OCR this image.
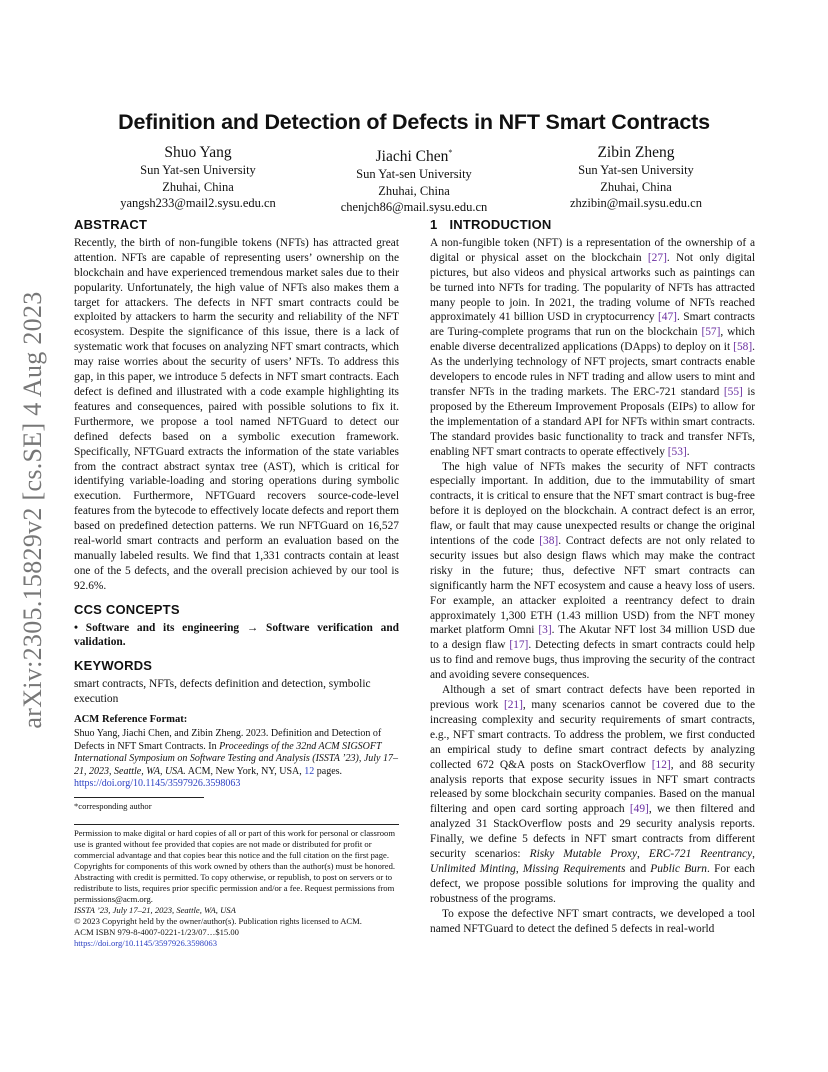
arXiv:2305.15829v2 [cs.SE] 4 Aug 2023
Definition and Detection of Defects in NFT Smart Contracts
Shuo Yang
Sun Yat-sen University
Zhuhai, China
yangsh233@mail2.sysu.edu.cn
Jiachi Chen*
Sun Yat-sen University
Zhuhai, China
chenjch86@mail.sysu.edu.cn
Zibin Zheng
Sun Yat-sen University
Zhuhai, China
zhzibin@mail.sysu.edu.cn
ABSTRACT

Recently, the birth of non-fungible tokens (NFTs) has attracted great attention. NFTs are capable of representing users’ ownership on the blockchain and have experienced tremendous market sales due to their popularity. Unfortunately, the high value of NFTs also makes them a target for attackers. The defects in NFT smart contracts could be exploited by attackers to harm the security and reliability of the NFT ecosystem. Despite the significance of this issue, there is a lack of systematic work that focuses on analyzing NFT smart contracts, which may raise worries about the security of users’ NFTs. To address this gap, in this paper, we introduce 5 defects in NFT smart contracts. Each defect is defined and illustrated with a code example highlighting its features and consequences, paired with possible solutions to fix it. Furthermore, we propose a tool named NFTGuard to detect our defined defects based on a symbolic execution framework. Specifically, NFTGuard extracts the information of the state variables from the contract abstract syntax tree (AST), which is critical for identifying variable-loading and storing operations during symbolic execution. Furthermore, NFTGuard recovers source-code-level features from the bytecode to effectively locate defects and report them based on predefined detection patterns. We run NFTGuard on 16,527 real-world smart contracts and perform an evaluation based on the manually labeled results. We find that 1,331 contracts contain at least one of the 5 defects, and the overall precision achieved by our tool is 92.6%.

CCS CONCEPTS

• Software and its engineering → Software verification and validation.

KEYWORDS

smart contracts, NFTs, defects definition and detection, symbolic execution

ACM Reference Format:

Shuo Yang, Jiachi Chen, and Zibin Zheng. 2023. Definition and Detection of Defects in NFT Smart Contracts. In Proceedings of the 32nd ACM SIGSOFT International Symposium on Software Testing and Analysis (ISSTA ’23), July 17–21, 2023, Seattle, WA, USA. ACM, New York, NY, USA, 12 pages. https://doi.org/10.1145/3597926.3598063

*corresponding author

Permission to make digital or hard copies of all or part of this work for personal or classroom use is granted without fee provided that copies are not made or distributed for profit or commercial advantage and that copies bear this notice and the full citation on the first page. Copyrights for components of this work owned by others than the author(s) must be honored. Abstracting with credit is permitted. To copy otherwise, or republish, to post on servers or to redistribute to lists, requires prior specific permission and/or a fee. Request permissions from permissions@acm.org.

ISSTA ’23, July 17–21, 2023, Seattle, WA, USA

© 2023 Copyright held by the owner/author(s). Publication rights licensed to ACM.

ACM ISBN 979-8-4007-0221-1/23/07…$15.00

https://doi.org/10.1145/3597926.3598063

1 INTRODUCTION

A non-fungible token (NFT) is a representation of the ownership of a digital or physical asset on the blockchain [27]. Not only digital pictures, but also videos and physical artworks such as paintings can be turned into NFTs for trading. The popularity of NFTs has attracted many people to join. In 2021, the trading volume of NFTs reached approximately 41 billion USD in cryptocurrency [47]. Smart contracts are Turing-complete programs that run on the blockchain [57], which enable diverse decentralized applications (DApps) to deploy on it [58]. As the underlying technology of NFT projects, smart contracts enable developers to encode rules in NFT trading and allow users to mint and transfer NFTs in the trading markets. The ERC-721 standard [55] is proposed by the Ethereum Improvement Proposals (EIPs) to allow for the implementation of a standard API for NFTs within smart contracts. The standard provides basic functionality to track and transfer NFTs, enabling NFT smart contracts to operate effectively [53].

The high value of NFTs makes the security of NFT contracts especially important. In addition, due to the immutability of smart contracts, it is critical to ensure that the NFT smart contract is bug-free before it is deployed on the blockchain. A contract defect is an error, flaw, or fault that may cause unexpected results or change the original intentions of the code [38]. Contract defects are not only related to security issues but also design flaws which may make the contract risky in the future; thus, defective NFT smart contracts can significantly harm the NFT ecosystem and cause a heavy loss of users. For example, an attacker exploited a reentrancy defect to drain approximately 1,300 ETH (1.43 million USD) from the NFT money market platform Omni [3]. The Akutar NFT lost 34 million USD due to a design flaw [17]. Detecting defects in smart contracts could help us to find and remove bugs, thus improving the security of the contract and avoiding severe consequences.

Although a set of smart contract defects have been reported in previous work [21], many scenarios cannot be covered due to the increasing complexity and security requirements of smart contracts, e.g., NFT smart contracts. To address the problem, we first conducted an empirical study to define smart contract defects by analyzing collected 672 Q&A posts on StackOverflow [12], and 88 security analysis reports that expose security issues in NFT smart contracts released by some blockchain security companies. Based on the manual filtering and open card sorting approach [49], we then filtered and analyzed 31 StackOverflow posts and 29 security analysis reports. Finally, we define 5 defects in NFT smart contracts from different security scenarios: Risky Mutable Proxy, ERC-721 Reentrancy, Unlimited Minting, Missing Requirements and Public Burn. For each defect, we propose possible solutions for improving the quality and robustness of the programs.

To expose the defective NFT smart contracts, we developed a tool named NFTGuard to detect the defined 5 defects in real-world
